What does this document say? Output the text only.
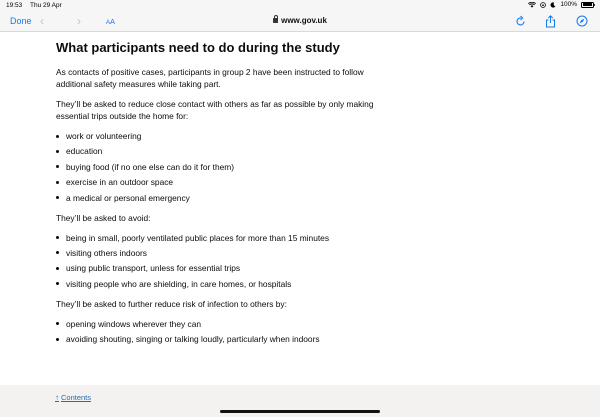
19:53 Thu 29 Apr	100%
Done ‹	›	AA	www.gov.uk
What participants need to do during the study

As contacts of positive cases, participants in group 2 have been instructed to follow additional safety measures while taking part.

They’ll be asked to reduce close contact with others as far as possible by only making essential trips outside the home for:

work or volunteering
education
buying food (if no one else can do it for them)
exercise in an outdoor space
a medical or personal emergency

They’ll be asked to avoid:

being in small, poorly ventilated public places for more than 15 minutes
visiting others indoors
using public transport, unless for essential trips
visiting people who are shielding, in care homes, or hospitals

They’ll be asked to further reduce risk of infection to others by:

opening windows wherever they can
avoiding shouting, singing or talking loudly, particularly when indoors
↑ Contents
